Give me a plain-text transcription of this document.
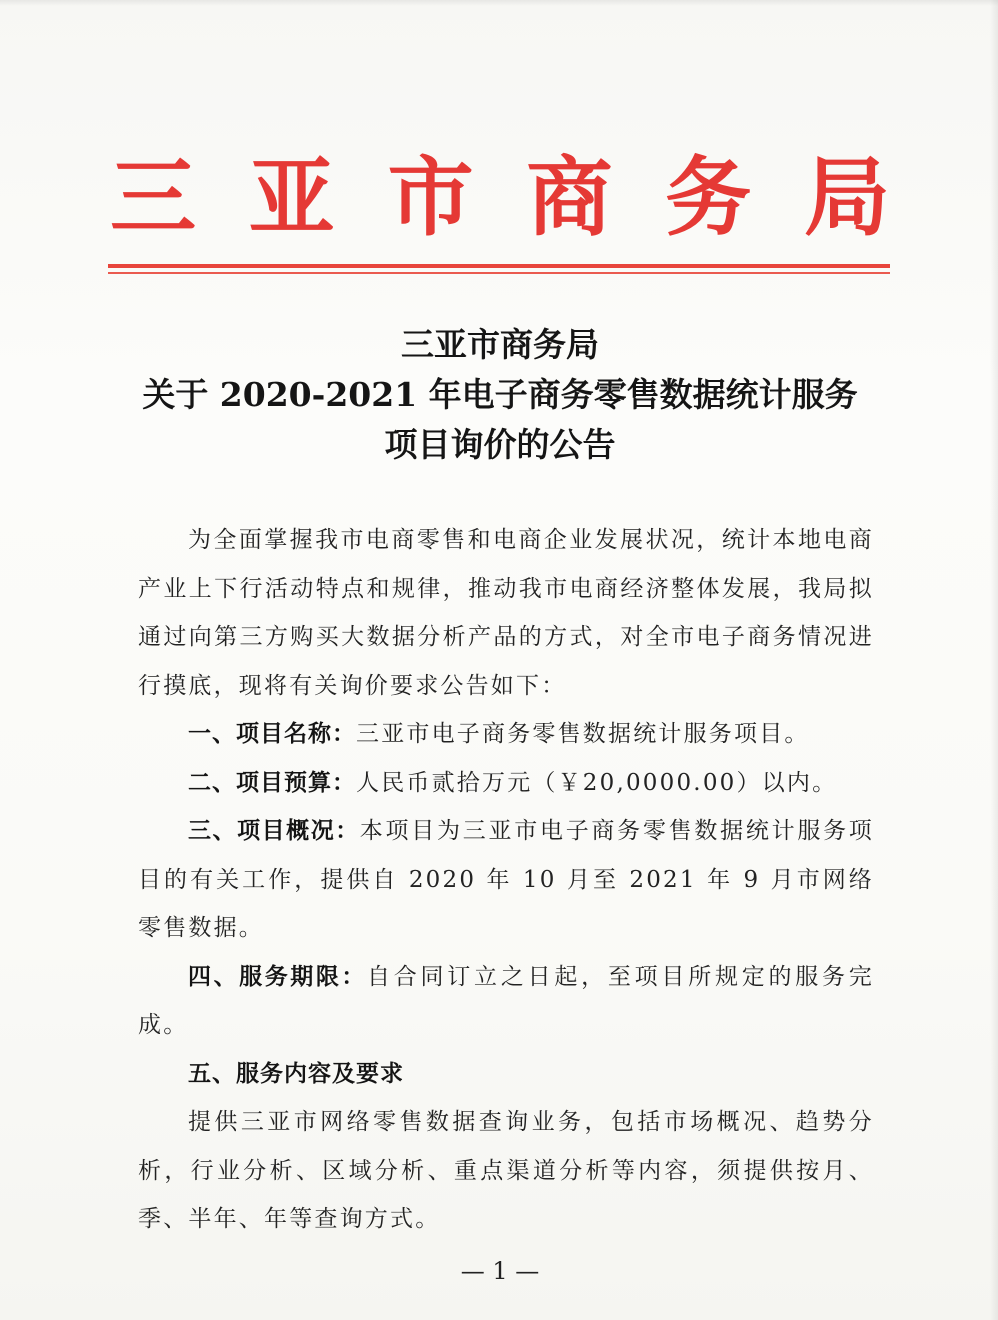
三 亚 市 商 务 局
三亚市商务局
关于 2020-2021 年电子商务零售数据统计服务
项目询价的公告

为全面掌握我市电商零售和电商企业发展状况，统计本地电商产业上下行活动特点和规律，推动我市电商经济整体发展，我局拟通过向第三方购买大数据分析产品的方式，对全市电子商务情况进行摸底，现将有关询价要求公告如下：

一、项目名称：三亚市电子商务零售数据统计服务项目。

二、项目预算：人民币贰拾万元（￥20,0000.00）以内。

三、项目概况：本项目为三亚市电子商务零售数据统计服务项目的有关工作，提供自 2020 年 10 月至 2021 年 9 月市网络零售数据。

四、服务期限：自合同订立之日起，至项目所规定的服务完成。

五、服务内容及要求

提供三亚市网络零售数据查询业务，包括市场概况、趋势分析，行业分析、区域分析、重点渠道分析等内容，须提供按月、季、半年、年等查询方式。

— 1 —
